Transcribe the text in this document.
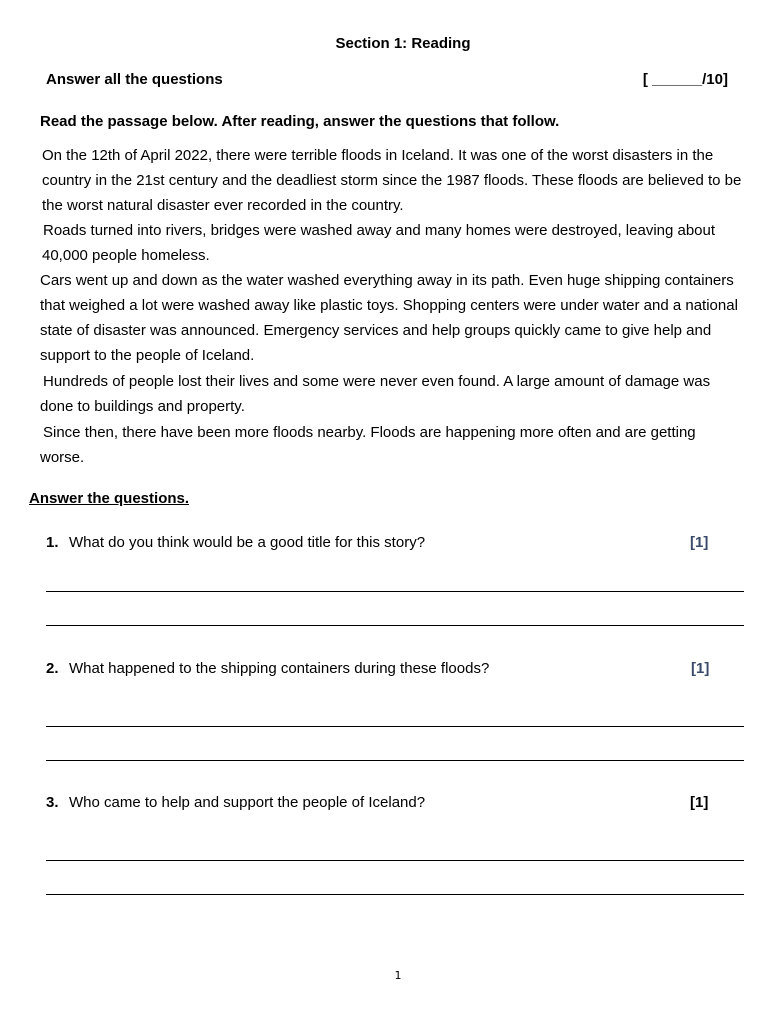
Section 1: Reading
Answer all the questions	[ ______/10]
Read the passage below. After reading, answer the questions that follow.
On the 12th of April 2022, there were terrible floods in Iceland. It was one of the worst disasters in the country in the 21st century and the deadliest storm since the 1987 floods. These floods are believed to be the worst natural disaster ever recorded in the country.
Roads turned into rivers, bridges were washed away and many homes were destroyed, leaving about 40,000 people homeless.
Cars went up and down as the water washed everything away in its path. Even huge shipping containers that weighed a lot were washed away like plastic toys. Shopping centers were under water and a national state of disaster was announced. Emergency services and help groups quickly came to give help and support to the people of Iceland.
Hundreds of people lost their lives and some were never even found. A large amount of damage was done to buildings and property.
Since then, there have been more floods nearby. Floods are happening more often and are getting worse.
Answer the questions.
1. What do you think would be a good title for this story?	[1]
2. What happened to the shipping containers during these floods?	[1]
3. Who came to help and support the people of Iceland?	[1]
1
